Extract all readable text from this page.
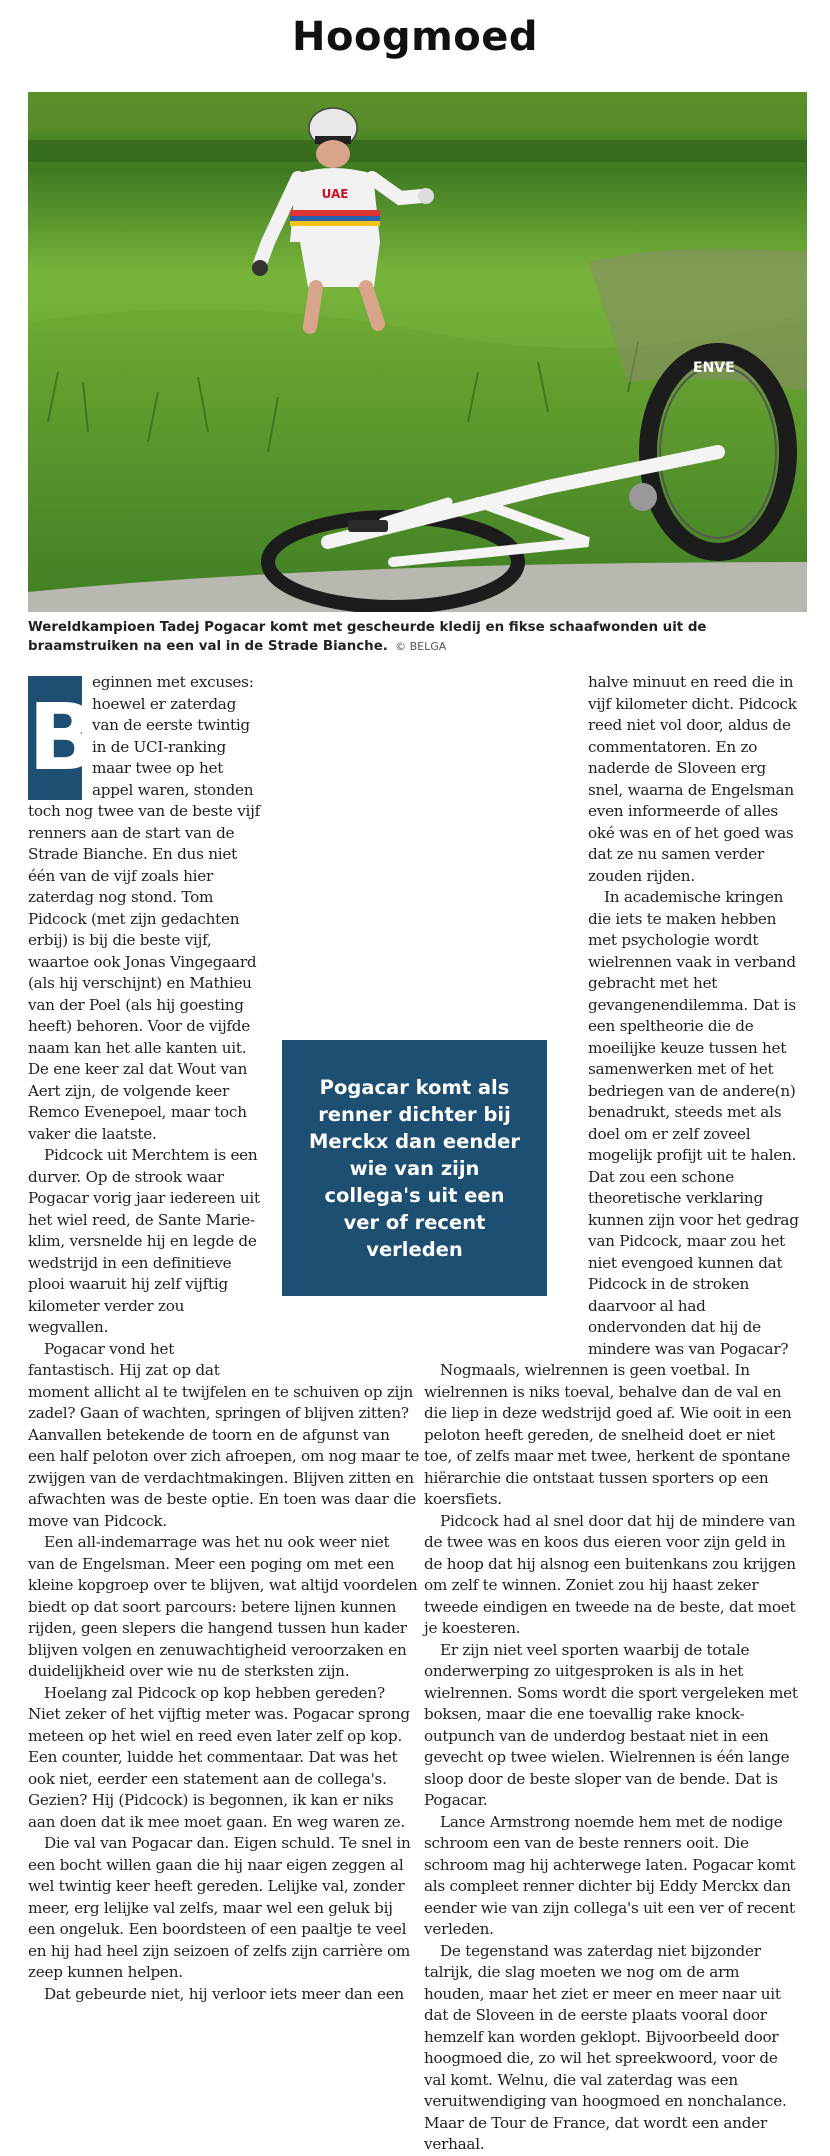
Hoogmoed
UAE
ENVE
Wereldkampioen Tadej Pogacar komt met gescheurde kledij en fikse schaafwonden uit de braamstruiken na een val in de Strade Bianche. © BELGA

B
eginnen met excuses: hoewel er zaterdag van de eerste twintig in de UCI-ranking maar twee op het appel waren, stonden toch nog twee van de beste vijf renners aan de start van de Strade Bianche. En dus niet één van de vijf zoals hier zaterdag nog stond. Tom Pidcock (met zijn gedachten erbij) is bij die beste vijf, waartoe ook Jonas Vingegaard (als hij verschijnt) en Mathieu van der Poel (als hij goesting heeft) behoren. Voor de vijfde naam kan het alle kanten uit. De ene keer zal dat Wout van Aert zijn, de volgende keer Remco Evenepoel, maar toch vaker die laatste.

Pidcock uit Merchtem is een durver. Op de strook waar Pogacar vorig jaar iedereen uit het wiel reed, de Sante Marie-klim, versnelde hij en legde de wedstrijd in een definitieve plooi waaruit hij zelf vijftig kilometer verder zou wegvallen.

Pogacar vond het fantastisch. Hij zat op dat moment allicht al te twijfelen en te schuiven op zijn zadel? Gaan of wachten, springen of blijven zitten? Aanvallen betekende de toorn en de afgunst van een half peloton over zich afroepen, om nog maar te zwijgen van de verdachtmakingen. Blijven zitten en afwachten was de beste optie. En toen was daar die move van Pidcock.

Een all-indemarrage was het nu ook weer niet van de Engelsman. Meer een poging om met een kleine kopgroep over te blijven, wat altijd voordelen biedt op dat soort parcours: betere lijnen kunnen rijden, geen slepers die hangend tussen hun kader blijven volgen en zenuwachtigheid veroorzaken en duidelijkheid over wie nu de sterksten zijn.

Hoelang zal Pidcock op kop hebben gereden? Niet zeker of het vijftig meter was. Pogacar sprong meteen op het wiel en reed even later zelf op kop. Een counter, luidde het commentaar. Dat was het ook niet, eerder een statement aan de collega's. Gezien? Hij (Pidcock) is begonnen, ik kan er niks aan doen dat ik mee moet gaan. En weg waren ze.

Die val van Pogacar dan. Eigen schuld. Te snel in een bocht willen gaan die hij naar eigen zeggen al wel twintig keer heeft gereden. Lelijke val, zonder meer, erg lelijke val zelfs, maar wel een geluk bij een ongeluk. Een boordsteen of een paaltje te veel en hij had heel zijn seizoen of zelfs zijn carrière om zeep kunnen helpen.

Dat gebeurde niet, hij verloor iets meer dan een

halve minuut en reed die in vijf kilometer dicht. Pidcock reed niet vol door, aldus de commentatoren. En zo naderde de Sloveen erg snel, waarna de Engelsman even informeerde of alles oké was en of het goed was dat ze nu samen verder zouden rijden.

In academische kringen die iets te maken hebben met psychologie wordt wielrennen vaak in verband gebracht met het gevangenendilemma. Dat is een speltheorie die de moeilijke keuze tussen het samenwerken met of het bedriegen van de andere(n) benadrukt, steeds met als doel om er zelf zoveel mogelijk profijt uit te halen. Dat zou een schone theoretische verklaring kunnen zijn voor het gedrag van Pidcock, maar zou het niet evengoed kunnen dat Pidcock in de stroken daarvoor al had ondervonden dat hij de mindere was van Pogacar?

Nogmaals, wielrennen is geen voetbal. In wielrennen is niks toeval, behalve dan de val en die liep in deze wedstrijd goed af. Wie ooit in een peloton heeft gereden, de snelheid doet er niet toe, of zelfs maar met twee, herkent de spontane hiërarchie die ontstaat tussen sporters op een koersfiets.

Pidcock had al snel door dat hij de mindere van de twee was en koos dus eieren voor zijn geld in de hoop dat hij alsnog een buitenkans zou krijgen om zelf te winnen. Zoniet zou hij haast zeker tweede eindigen en tweede na de beste, dat moet je koesteren.

Er zijn niet veel sporten waarbij de totale onderwerping zo uitgesproken is als in het wielrennen. Soms wordt die sport vergeleken met boksen, maar die ene toevallig rake knock-outpunch van de underdog bestaat niet in een gevecht op twee wielen. Wielrennen is één lange sloop door de beste sloper van de bende. Dat is Pogacar.

Lance Armstrong noemde hem met de nodige schroom een van de beste renners ooit. Die schroom mag hij achterwege laten. Pogacar komt als compleet renner dichter bij Eddy Merckx dan eender wie van zijn collega's uit een ver of recent verleden.

De tegenstand was zaterdag niet bijzonder talrijk, die slag moeten we nog om de arm houden, maar het ziet er meer en meer naar uit dat de Sloveen in de eerste plaats vooral door hemzelf kan worden geklopt. Bijvoorbeeld door hoogmoed die, zo wil het spreekwoord, voor de val komt. Welnu, die val zaterdag was een veruitwendiging van hoogmoed en nonchalance. Maar de Tour de France, dat wordt een ander verhaal.

Pogacar komt als renner dichter bij Merckx dan eender wie van zijn collega's uit een ver of recent verleden
